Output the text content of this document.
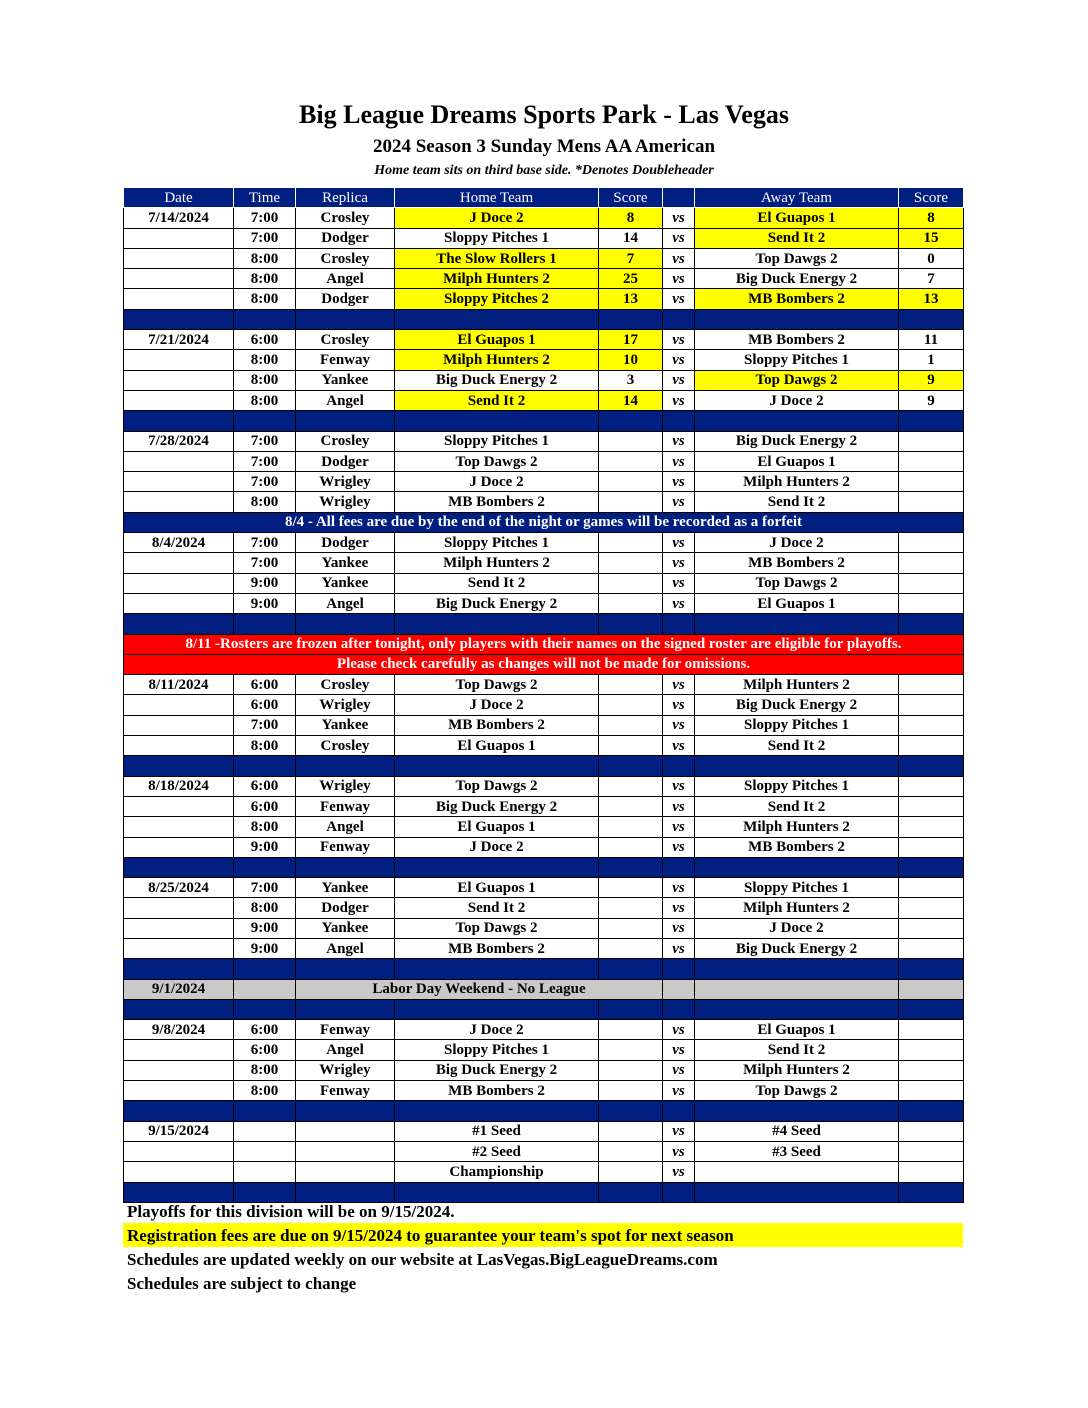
Big League Dreams Sports Park - Las Vegas
2024 Season 3 Sunday Mens AA American
Home team sits on third base side. *Denotes Doubleheader
Date	Time	Replica	Home Team	Score		Away Team	Score
7/14/2024	7:00	Crosley	J Doce 2	8	vs	El Guapos 1	8
	7:00	Dodger	Sloppy Pitches 1	14	vs	Send It 2	15
	8:00	Crosley	The Slow Rollers 1	7	vs	Top Dawgs 2	0
	8:00	Angel	Milph Hunters 2	25	vs	Big Duck Energy 2	7
	8:00	Dodger	Sloppy Pitches 2	13	vs	MB Bombers 2	13

7/21/2024	6:00	Crosley	El Guapos 1	17	vs	MB Bombers 2	11
	8:00	Fenway	Milph Hunters 2	10	vs	Sloppy Pitches 1	1
	8:00	Yankee	Big Duck Energy 2	3	vs	Top Dawgs 2	9
	8:00	Angel	Send It 2	14	vs	J Doce 2	9

7/28/2024	7:00	Crosley	Sloppy Pitches 1		vs	Big Duck Energy 2	
	7:00	Dodger	Top Dawgs 2		vs	El Guapos 1	
	7:00	Wrigley	J Doce 2		vs	Milph Hunters 2	
	8:00	Wrigley	MB Bombers 2		vs	Send It 2	
8/4 - All fees are due by the end of the night or games will be recorded as a forfeit							
8/4/2024	7:00	Dodger	Sloppy Pitches 1		vs	J Doce 2	
	7:00	Yankee	Milph Hunters 2		vs	MB Bombers 2	
	9:00	Yankee	Send It 2		vs	Top Dawgs 2	
	9:00	Angel	Big Duck Energy 2		vs	El Guapos 1	

8/11 -Rosters are frozen after tonight, only players with their names on the signed roster are eligible for playoffs.							
Please check carefully as changes will not be made for omissions.							
8/11/2024	6:00	Crosley	Top Dawgs 2		vs	Milph Hunters 2	
	6:00	Wrigley	J Doce 2		vs	Big Duck Energy 2	
	7:00	Yankee	MB Bombers 2		vs	Sloppy Pitches 1	
	8:00	Crosley	El Guapos 1		vs	Send It 2	

8/18/2024	6:00	Wrigley	Top Dawgs 2		vs	Sloppy Pitches 1	
	6:00	Fenway	Big Duck Energy 2		vs	Send It 2	
	8:00	Angel	El Guapos 1		vs	Milph Hunters 2	
	9:00	Fenway	J Doce 2		vs	MB Bombers 2	

8/25/2024	7:00	Yankee	El Guapos 1		vs	Sloppy Pitches 1	
	8:00	Dodger	Send It 2		vs	Milph Hunters 2	
	9:00	Yankee	Top Dawgs 2		vs	J Doce 2	
	9:00	Angel	MB Bombers 2		vs	Big Duck Energy 2	

9/1/2024		Labor Day Weekend - No League					

9/8/2024	6:00	Fenway	J Doce 2		vs	El Guapos 1	
	6:00	Angel	Sloppy Pitches 1		vs	Send It 2	
	8:00	Wrigley	Big Duck Energy 2		vs	Milph Hunters 2	
	8:00	Fenway	MB Bombers 2		vs	Top Dawgs 2	

9/15/2024			#1 Seed		vs	#4 Seed	
			#2 Seed		vs	#3 Seed	
			Championship		vs		

Playoffs for this division will be on 9/15/2024.
Registration fees are due on 9/15/2024 to guarantee your team's spot for next season
Schedules are updated weekly on our website at LasVegas.BigLeagueDreams.com
Schedules are subject to change
